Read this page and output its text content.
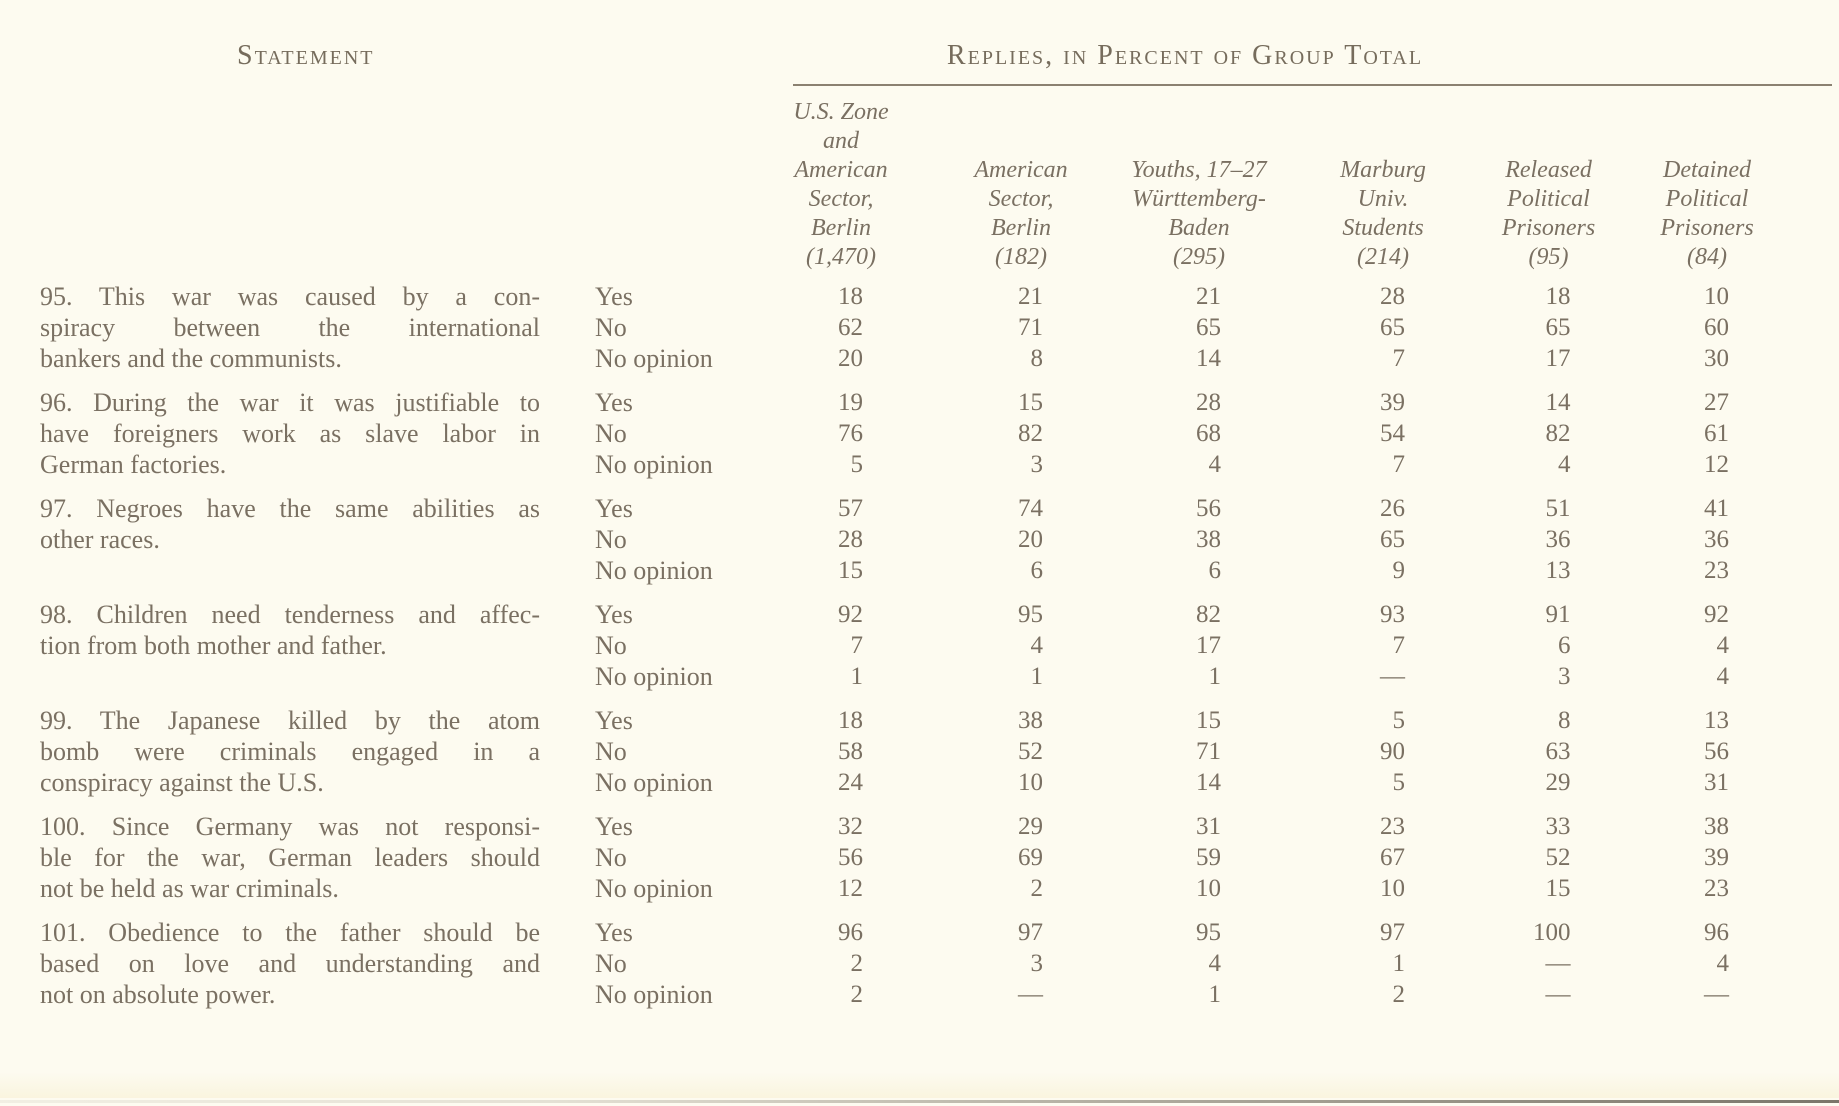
Statement	Replies, in Percent of Group Total
U.S. Zone
and
American
Sector,
Berlin
(1,470)
American
Sector,
Berlin
(182)
Youths, 17–27
Württemberg-
Baden
(295)
Marburg
Univ.
Students
(214)
Released
Political
Prisoners
(95)
Detained
Political
Prisoners
(84)
95. This war was caused by a con-
spiracy between the international
bankers and the communists.
Yes
No
No opinion
18
62
20
21
71
8
21
65
14
28
65
7
18
65
17
10
60
30
96. During the war it was justifiable to
have foreigners work as slave labor in
German factories.
Yes
No
No opinion
19
76
5
15
82
3
28
68
4
39
54
7
14
82
4
27
61
12
97. Negroes have the same abilities as
other races.
Yes
No
No opinion
57
28
15
74
20
6
56
38
6
26
65
9
51
36
13
41
36
23
98. Children need tenderness and affec-
tion from both mother and father.
Yes
No
No opinion
92
7
1
95
4
1
82
17
1
93
7
—
91
6
3
92
4
4
99. The Japanese killed by the atom
bomb were criminals engaged in a
conspiracy against the U.S.
Yes
No
No opinion
18
58
24
38
52
10
15
71
14
5
90
5
8
63
29
13
56
31
100. Since Germany was not responsi-
ble for the war, German leaders should
not be held as war criminals.
Yes
No
No opinion
32
56
12
29
69
2
31
59
10
23
67
10
33
52
15
38
39
23
101. Obedience to the father should be
based on love and understanding and
not on absolute power.
Yes
No
No opinion
96
2
2
97
3
—
95
4
1
97
1
2
100
—
—
96
4
—
